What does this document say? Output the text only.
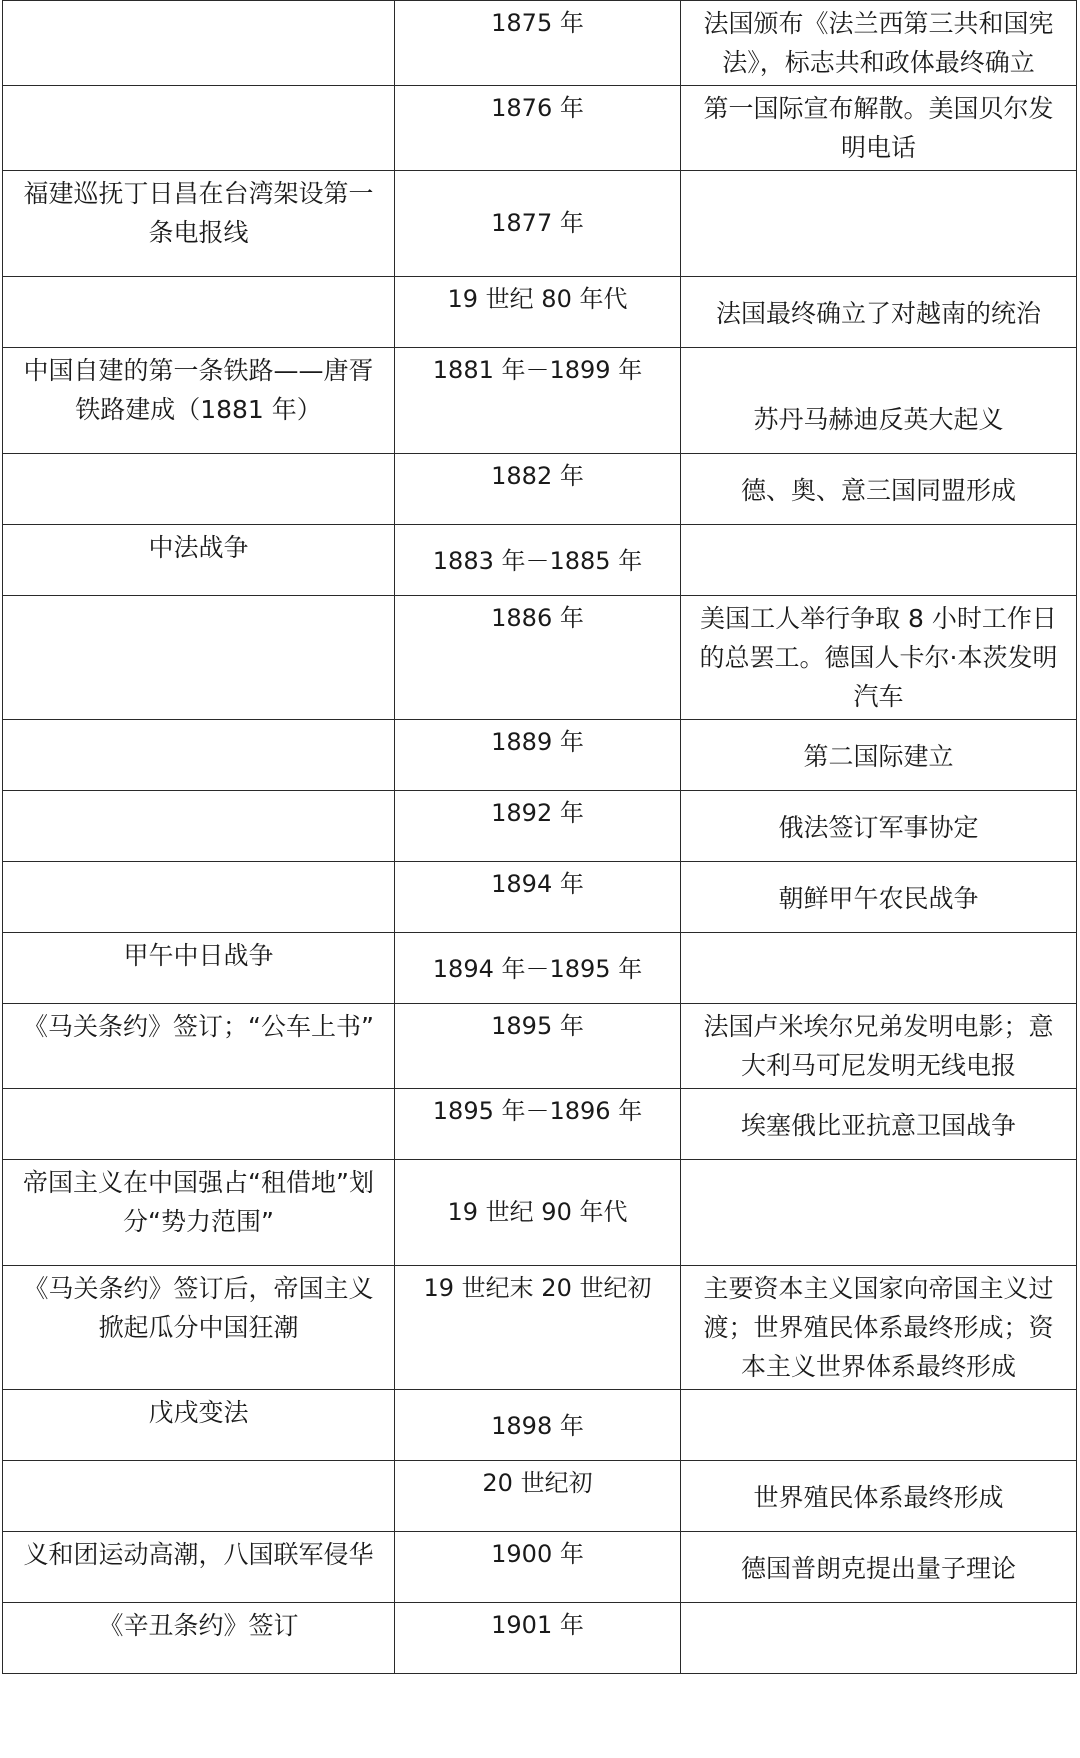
	1875 年	法国颁布《法兰西第三共和国宪法》，标志共和政体最终确立
	1876 年	第一国际宣布解散。美国贝尔发明电话
福建巡抚丁日昌在台湾架设第一条电报线	1877 年	
	19 世纪 80 年代	法国最终确立了对越南的统治
中国自建的第一条铁路——唐胥铁路建成（1881 年）	1881 年－1899 年	苏丹马赫迪反英大起义
	1882 年	德、奥、意三国同盟形成
中法战争	1883 年－1885 年	
	1886 年	美国工人举行争取 8 小时工作日的总罢工。德国人卡尔·本茨发明汽车
	1889 年	第二国际建立
	1892 年	俄法签订军事协定
	1894 年	朝鲜甲午农民战争
甲午中日战争	1894 年－1895 年	
《马关条约》签订；“公车上书”	1895 年	法国卢米埃尔兄弟发明电影；意大利马可尼发明无线电报
	1895 年－1896 年	埃塞俄比亚抗意卫国战争
帝国主义在中国强占“租借地”划分“势力范围”	19 世纪 90 年代	
《马关条约》签订后，帝国主义掀起瓜分中国狂潮	19 世纪末 20 世纪初	主要资本主义国家向帝国主义过渡；世界殖民体系最终形成；资本主义世界体系最终形成
戊戌变法	1898 年	
	20 世纪初	世界殖民体系最终形成
义和团运动高潮，八国联军侵华	1900 年	德国普朗克提出量子理论
《辛丑条约》签订	1901 年	
